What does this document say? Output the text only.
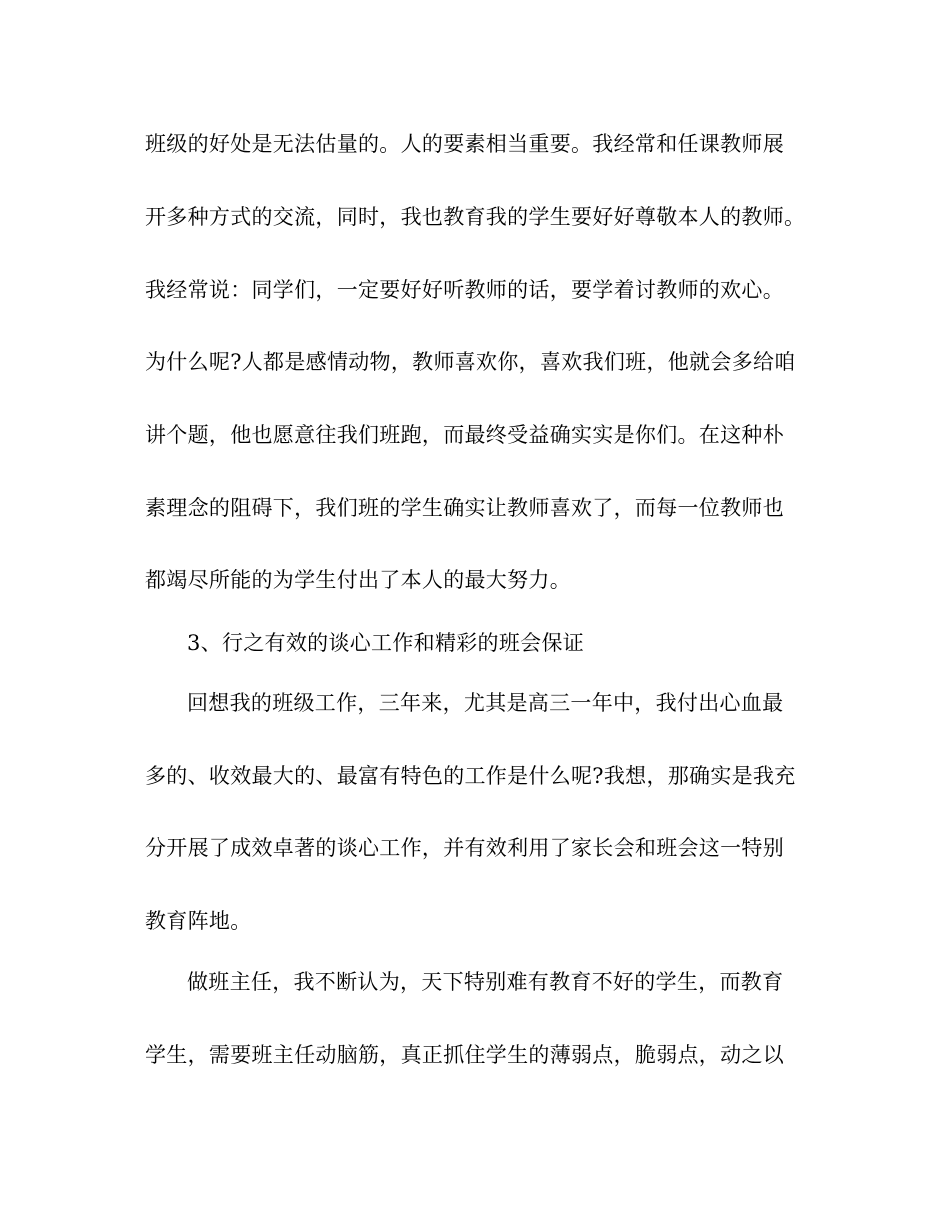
班级的好处是无法估量的。人的要素相当重要。我经常和任课教师展
开多种方式的交流，同时，我也教育我的学生要好好尊敬本人的教师。
我经常说：同学们，一定要好好听教师的话，要学着讨教师的欢心。
为什么呢?人都是感情动物，教师喜欢你，喜欢我们班，他就会多给咱
讲个题，他也愿意往我们班跑，而最终受益确实实是你们。在这种朴
素理念的阻碍下，我们班的学生确实让教师喜欢了，而每一位教师也
都竭尽所能的为学生付出了本人的最大努力。
3、行之有效的谈心工作和精彩的班会保证
回想我的班级工作，三年来，尤其是高三一年中，我付出心血最
多的、收效最大的、最富有特色的工作是什么呢?我想，那确实是我充
分开展了成效卓著的谈心工作，并有效利用了家长会和班会这一特别
教育阵地。
做班主任，我不断认为，天下特别难有教育不好的学生，而教育
学生，需要班主任动脑筋，真正抓住学生的薄弱点，脆弱点，动之以
